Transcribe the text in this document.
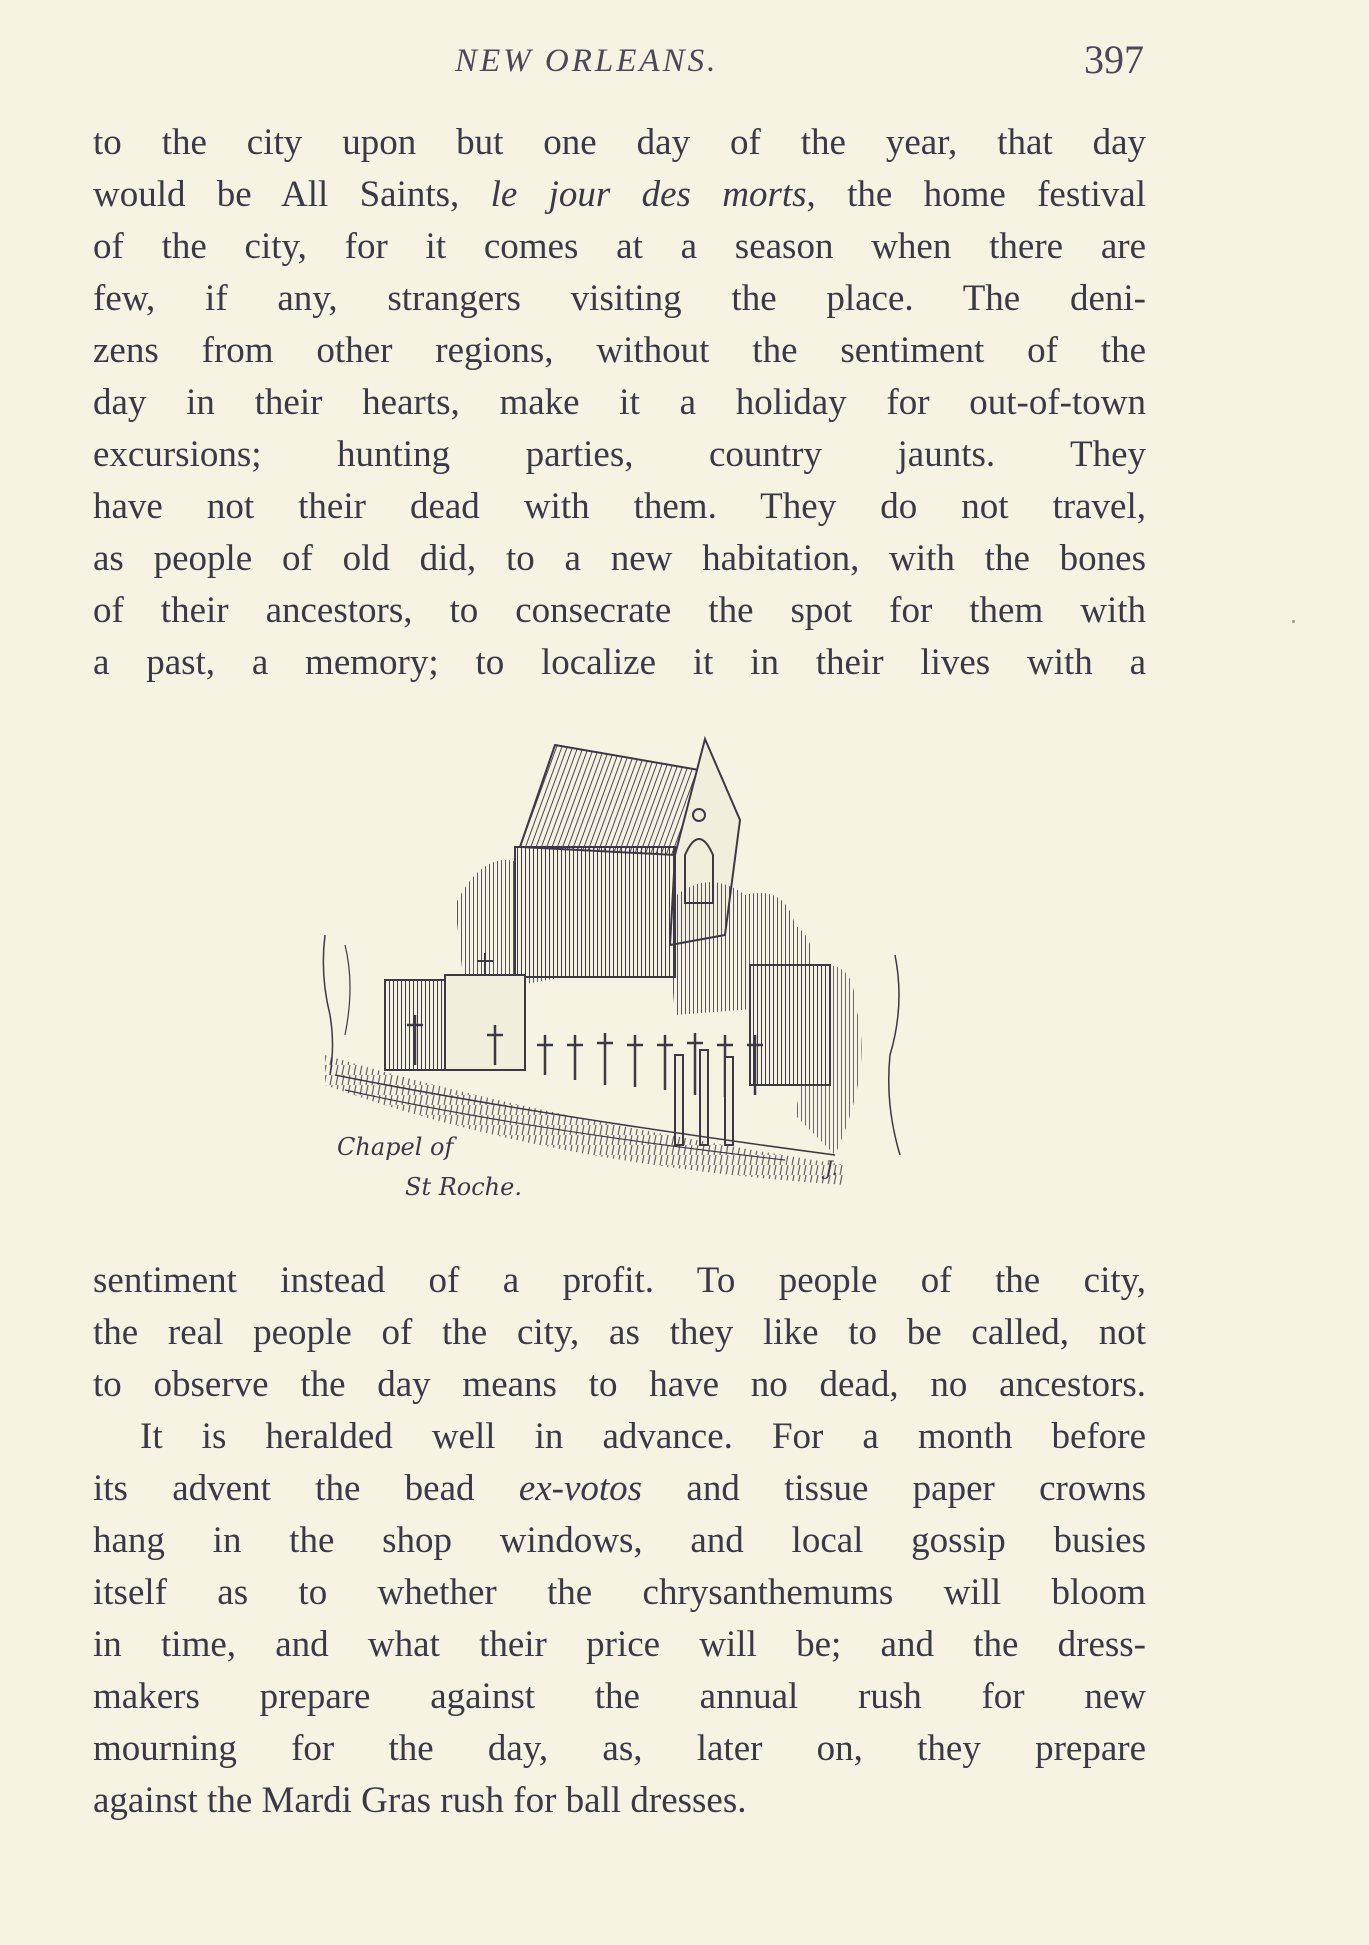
NEW ORLEANS.	397
to the city upon but one day of the year, that day
would be All Saints, le jour des morts, the home festival
of the city, for it comes at a season when there are
few, if any, strangers visiting the place. The deni-
zens from other regions, without the sentiment of the
day in their hearts, make it a holiday for out-of-town
excursions; hunting parties, country jaunts. They
have not their dead with them. They do not travel,
as people of old did, to a new habitation, with the bones
of their ancestors, to consecrate the spot for them with
a past, a memory; to localize it in their lives with a
Chapel of
St Roche.
J.
sentiment instead of a profit. To people of the city,
the real people of the city, as they like to be called, not
to observe the day means to have no dead, no ancestors.
It is heralded well in advance. For a month before
its advent the bead ex-votos and tissue paper crowns
hang in the shop windows, and local gossip busies
itself as to whether the chrysanthemums will bloom
in time, and what their price will be; and the dress-
makers prepare against the annual rush for new
mourning for the day, as, later on, they prepare
against the Mardi Gras rush for ball dresses.
